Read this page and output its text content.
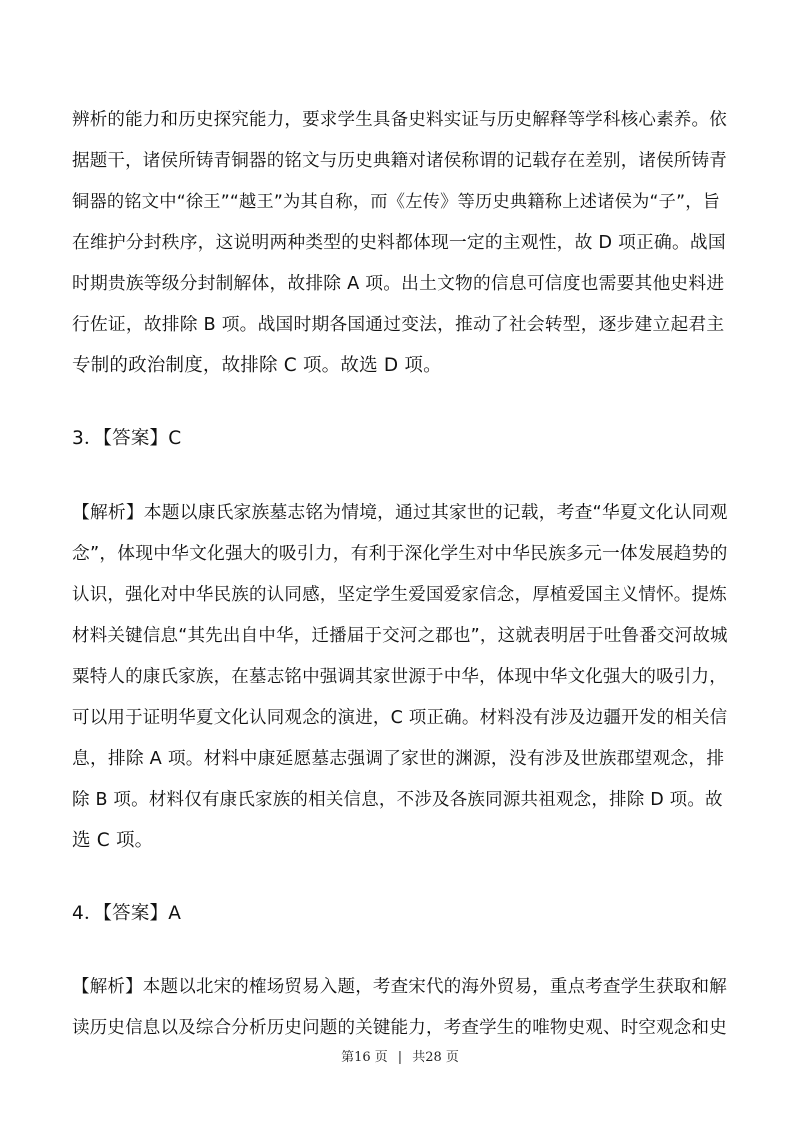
辨析的能力和历史探究能力，要求学生具备史料实证与历史解释等学科核心素养。依
据题干，诸侯所铸青铜器的铭文与历史典籍对诸侯称谓的记载存在差别，诸侯所铸青
铜器的铭文中“徐王”“越王”为其自称，而《左传》等历史典籍称上述诸侯为“子”，旨
在维护分封秩序，这说明两种类型的史料都体现一定的主观性，故 D 项正确。战国
时期贵族等级分封制解体，故排除 A 项。出土文物的信息可信度也需要其他史料进
行佐证，故排除 B 项。战国时期各国通过变法，推动了社会转型，逐步建立起君主
专制的政治制度，故排除 C 项。故选 D 项。
3．【答案】C
【解析】本题以康氏家族墓志铭为情境，通过其家世的记载，考查“华夏文化认同观
念”，体现中华文化强大的吸引力，有利于深化学生对中华民族多元一体发展趋势的
认识，强化对中华民族的认同感，坚定学生爱国爱家信念，厚植爱国主义情怀。提炼
材料关键信息“其先出自中华，迁播届于交河之郡也”，这就表明居于吐鲁番交河故城
粟特人的康氏家族，在墓志铭中强调其家世源于中华，体现中华文化强大的吸引力，
可以用于证明华夏文化认同观念的演进，C 项正确。材料没有涉及边疆开发的相关信
息，排除 A 项。材料中康延愿墓志强调了家世的渊源，没有涉及世族郡望观念，排
除 B 项。材料仅有康氏家族的相关信息，不涉及各族同源共祖观念，排除 D 项。故
选 C 项。
4．【答案】A
【解析】本题以北宋的榷场贸易入题，考查宋代的海外贸易，重点考查学生获取和解
读历史信息以及综合分析历史问题的关键能力，考查学生的唯物史观、时空观念和史
第16 页 | 共28 页
